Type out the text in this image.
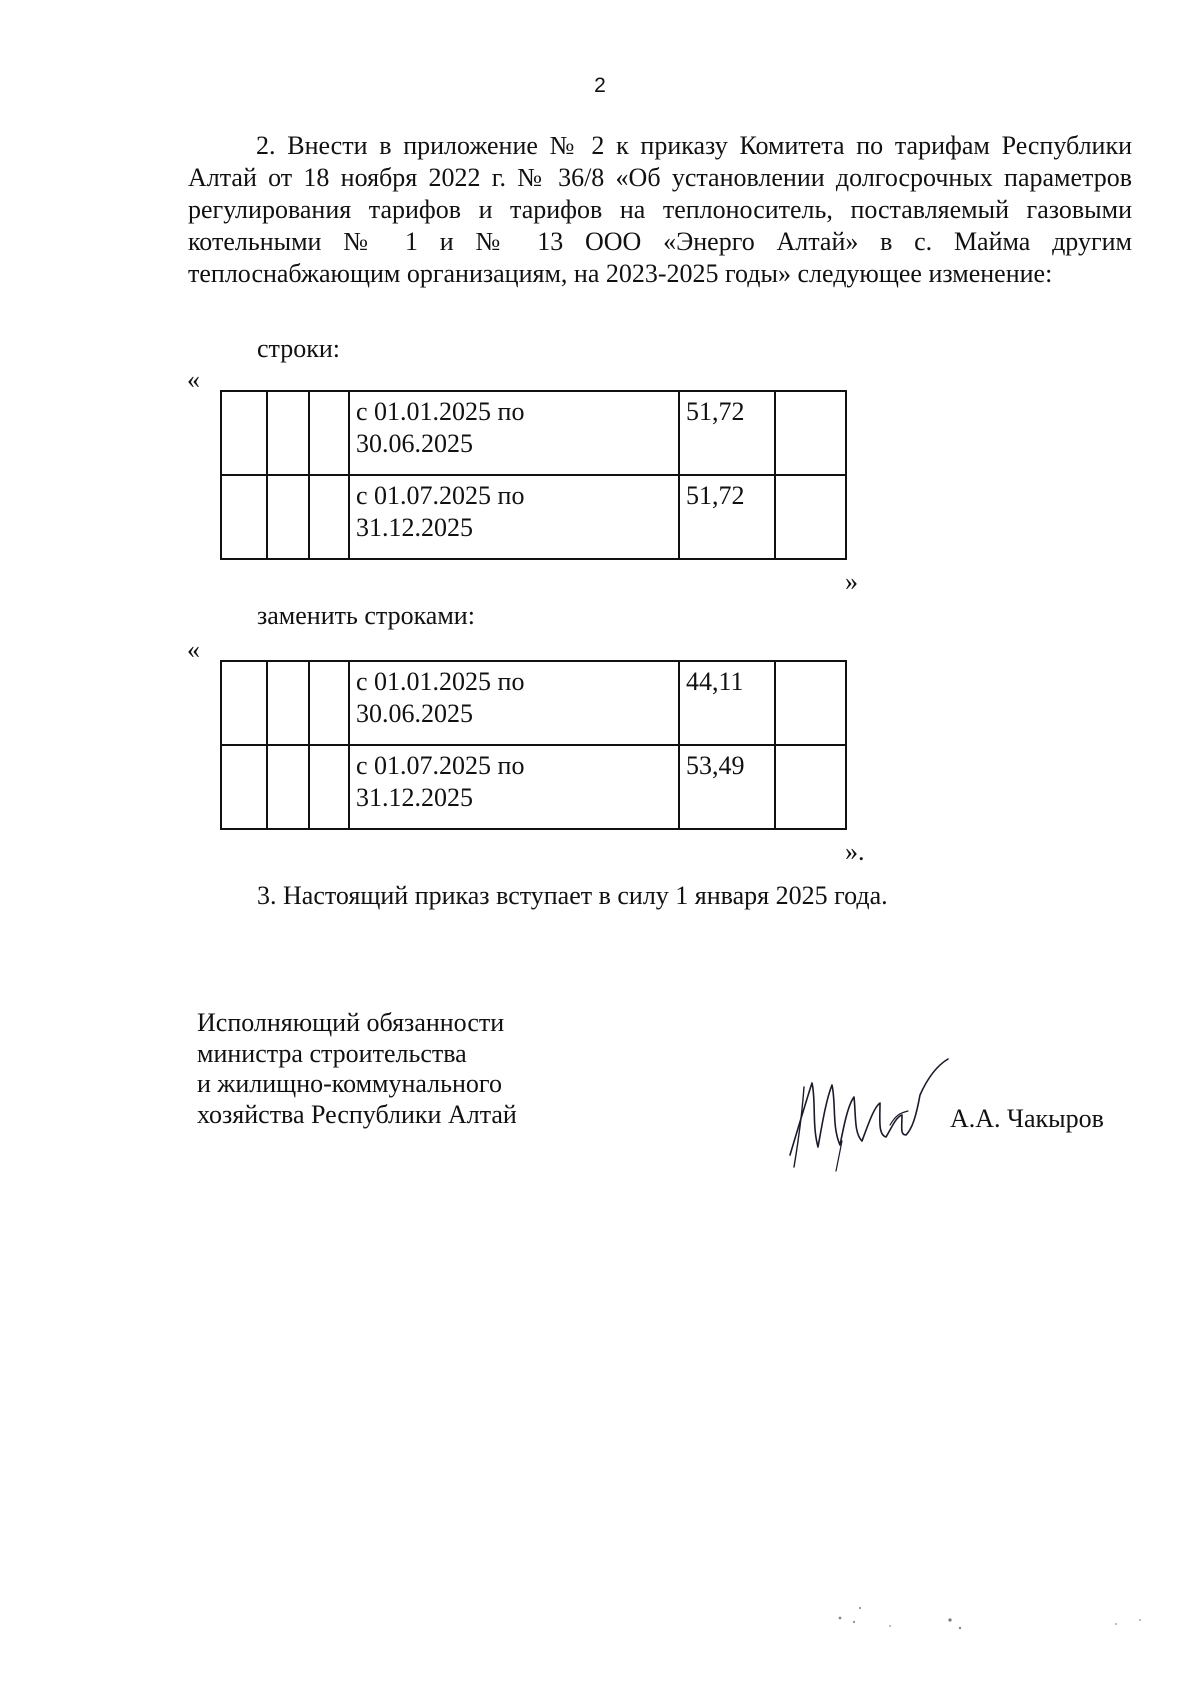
2
2. Внести в приложение № 2 к приказу Комитета по тарифам Республики Алтай от 18 ноября 2022 г. № 36/8 «Об установлении долгосрочных параметров регулирования тарифов и тарифов на теплоноситель, поставляемый газовыми котельными № 1 и № 13 ООО «Энерго Алтай» в с. Майма другим теплоснабжающим организациям, на 2023-2025 годы» следующее изменение:
строки:
«
			с 01.01.2025 по
30.06.2025	51,72	
			с 01.07.2025 по
31.12.2025	51,72	
»
заменить строками:
«
			с 01.01.2025 по
30.06.2025	44,11	
			с 01.07.2025 по
31.12.2025	53,49	
».
3. Настоящий приказ вступает в силу 1 января 2025 года.
Исполняющий обязанности
министра строительства
и жилищно-коммунального
хозяйства Республики Алтай	А.А. Чакыров
